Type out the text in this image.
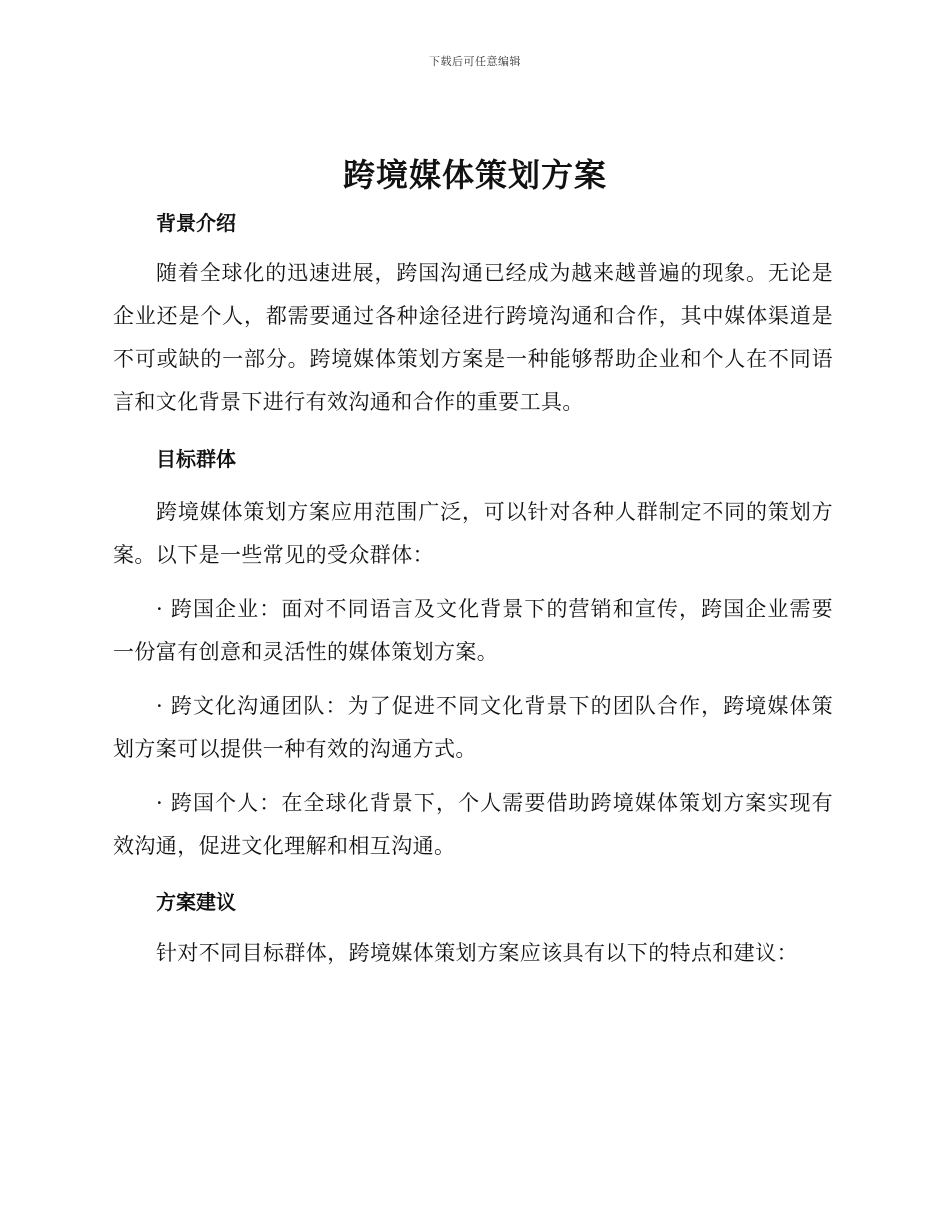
下载后可任意编辑
跨境媒体策划方案
背景介绍

随着全球化的迅速进展，跨国沟通已经成为越来越普遍的现象。无论是企业还是个人，都需要通过各种途径进行跨境沟通和合作，其中媒体渠道是不可或缺的一部分。跨境媒体策划方案是一种能够帮助企业和个人在不同语言和文化背景下进行有效沟通和合作的重要工具。

目标群体

跨境媒体策划方案应用范围广泛，可以针对各种人群制定不同的策划方案。以下是一些常见的受众群体：

· 跨国企业：面对不同语言及文化背景下的营销和宣传，跨国企业需要一份富有创意和灵活性的媒体策划方案。

· 跨文化沟通团队：为了促进不同文化背景下的团队合作，跨境媒体策划方案可以提供一种有效的沟通方式。

· 跨国个人：在全球化背景下，个人需要借助跨境媒体策划方案实现有效沟通，促进文化理解和相互沟通。

方案建议

针对不同目标群体，跨境媒体策划方案应该具有以下的特点和建议：
